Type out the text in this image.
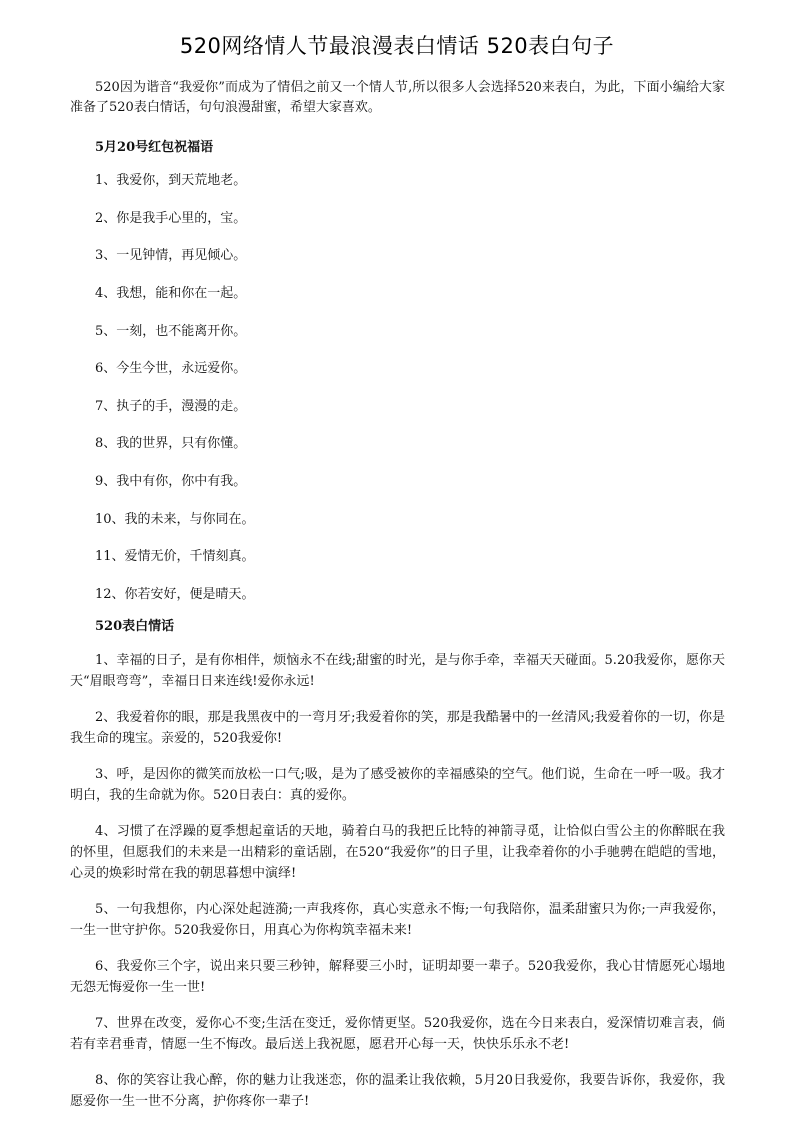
520网络情人节最浪漫表白情话 520表白句子

520因为谐音“我爱你”而成为了情侣之前又一个情人节,所以很多人会选择520来表白，为此，下面小编给大家准备了520表白情话，句句浪漫甜蜜，希望大家喜欢。

5月20号红包祝福语
1、我爱你，到天荒地老。
2、你是我手心里的，宝。
3、一见钟情，再见倾心。
4、我想，能和你在一起。
5、一刻，也不能离开你。
6、今生今世，永远爱你。
7、执子的手，漫漫的走。
8、我的世界，只有你懂。
9、我中有你，你中有我。
10、我的未来，与你同在。
11、爱情无价，千情刻真。
12、你若安好，便是晴天。
520表白情话
1、幸福的日子，是有你相伴，烦恼永不在线;甜蜜的时光，是与你手牵，幸福天天碰面。5.20我爱你，愿你天天“眉眼弯弯”，幸福日日来连线!爱你永远!
2、我爱着你的眼，那是我黑夜中的一弯月牙;我爱着你的笑，那是我酷暑中的一丝清风;我爱着你的一切，你是我生命的瑰宝。亲爱的，520我爱你!
3、呼，是因你的微笑而放松一口气;吸，是为了感受被你的幸福感染的空气。他们说，生命在一呼一吸。我才明白，我的生命就为你。520日表白：真的爱你。
4、习惯了在浮躁的夏季想起童话的天地，骑着白马的我把丘比特的神箭寻觅，让恰似白雪公主的你醉眠在我的怀里，但愿我们的未来是一出精彩的童话剧，在520“我爱你”的日子里，让我牵着你的小手驰骋在皑皑的雪地，心灵的焕彩时常在我的朝思暮想中演绎!
5、一句我想你，内心深处起涟漪;一声我疼你，真心实意永不悔;一句我陪你，温柔甜蜜只为你;一声我爱你，一生一世守护你。520我爱你日，用真心为你构筑幸福未来!
6、我爱你三个字，说出来只要三秒钟，解释要三小时，证明却要一辈子。520我爱你，我心甘情愿死心塌地无怨无悔爱你一生一世!
7、世界在改变，爱你心不变;生活在变迁，爱你情更坚。520我爱你，选在今日来表白，爱深情切难言表，倘若有幸君垂青，情愿一生不悔改。最后送上我祝愿，愿君开心每一天，快快乐乐永不老!
8、你的笑容让我心醉，你的魅力让我迷恋，你的温柔让我依赖，5月20日我爱你，我要告诉你，我爱你，我愿爱你一生一世不分离，护你疼你一辈子!
